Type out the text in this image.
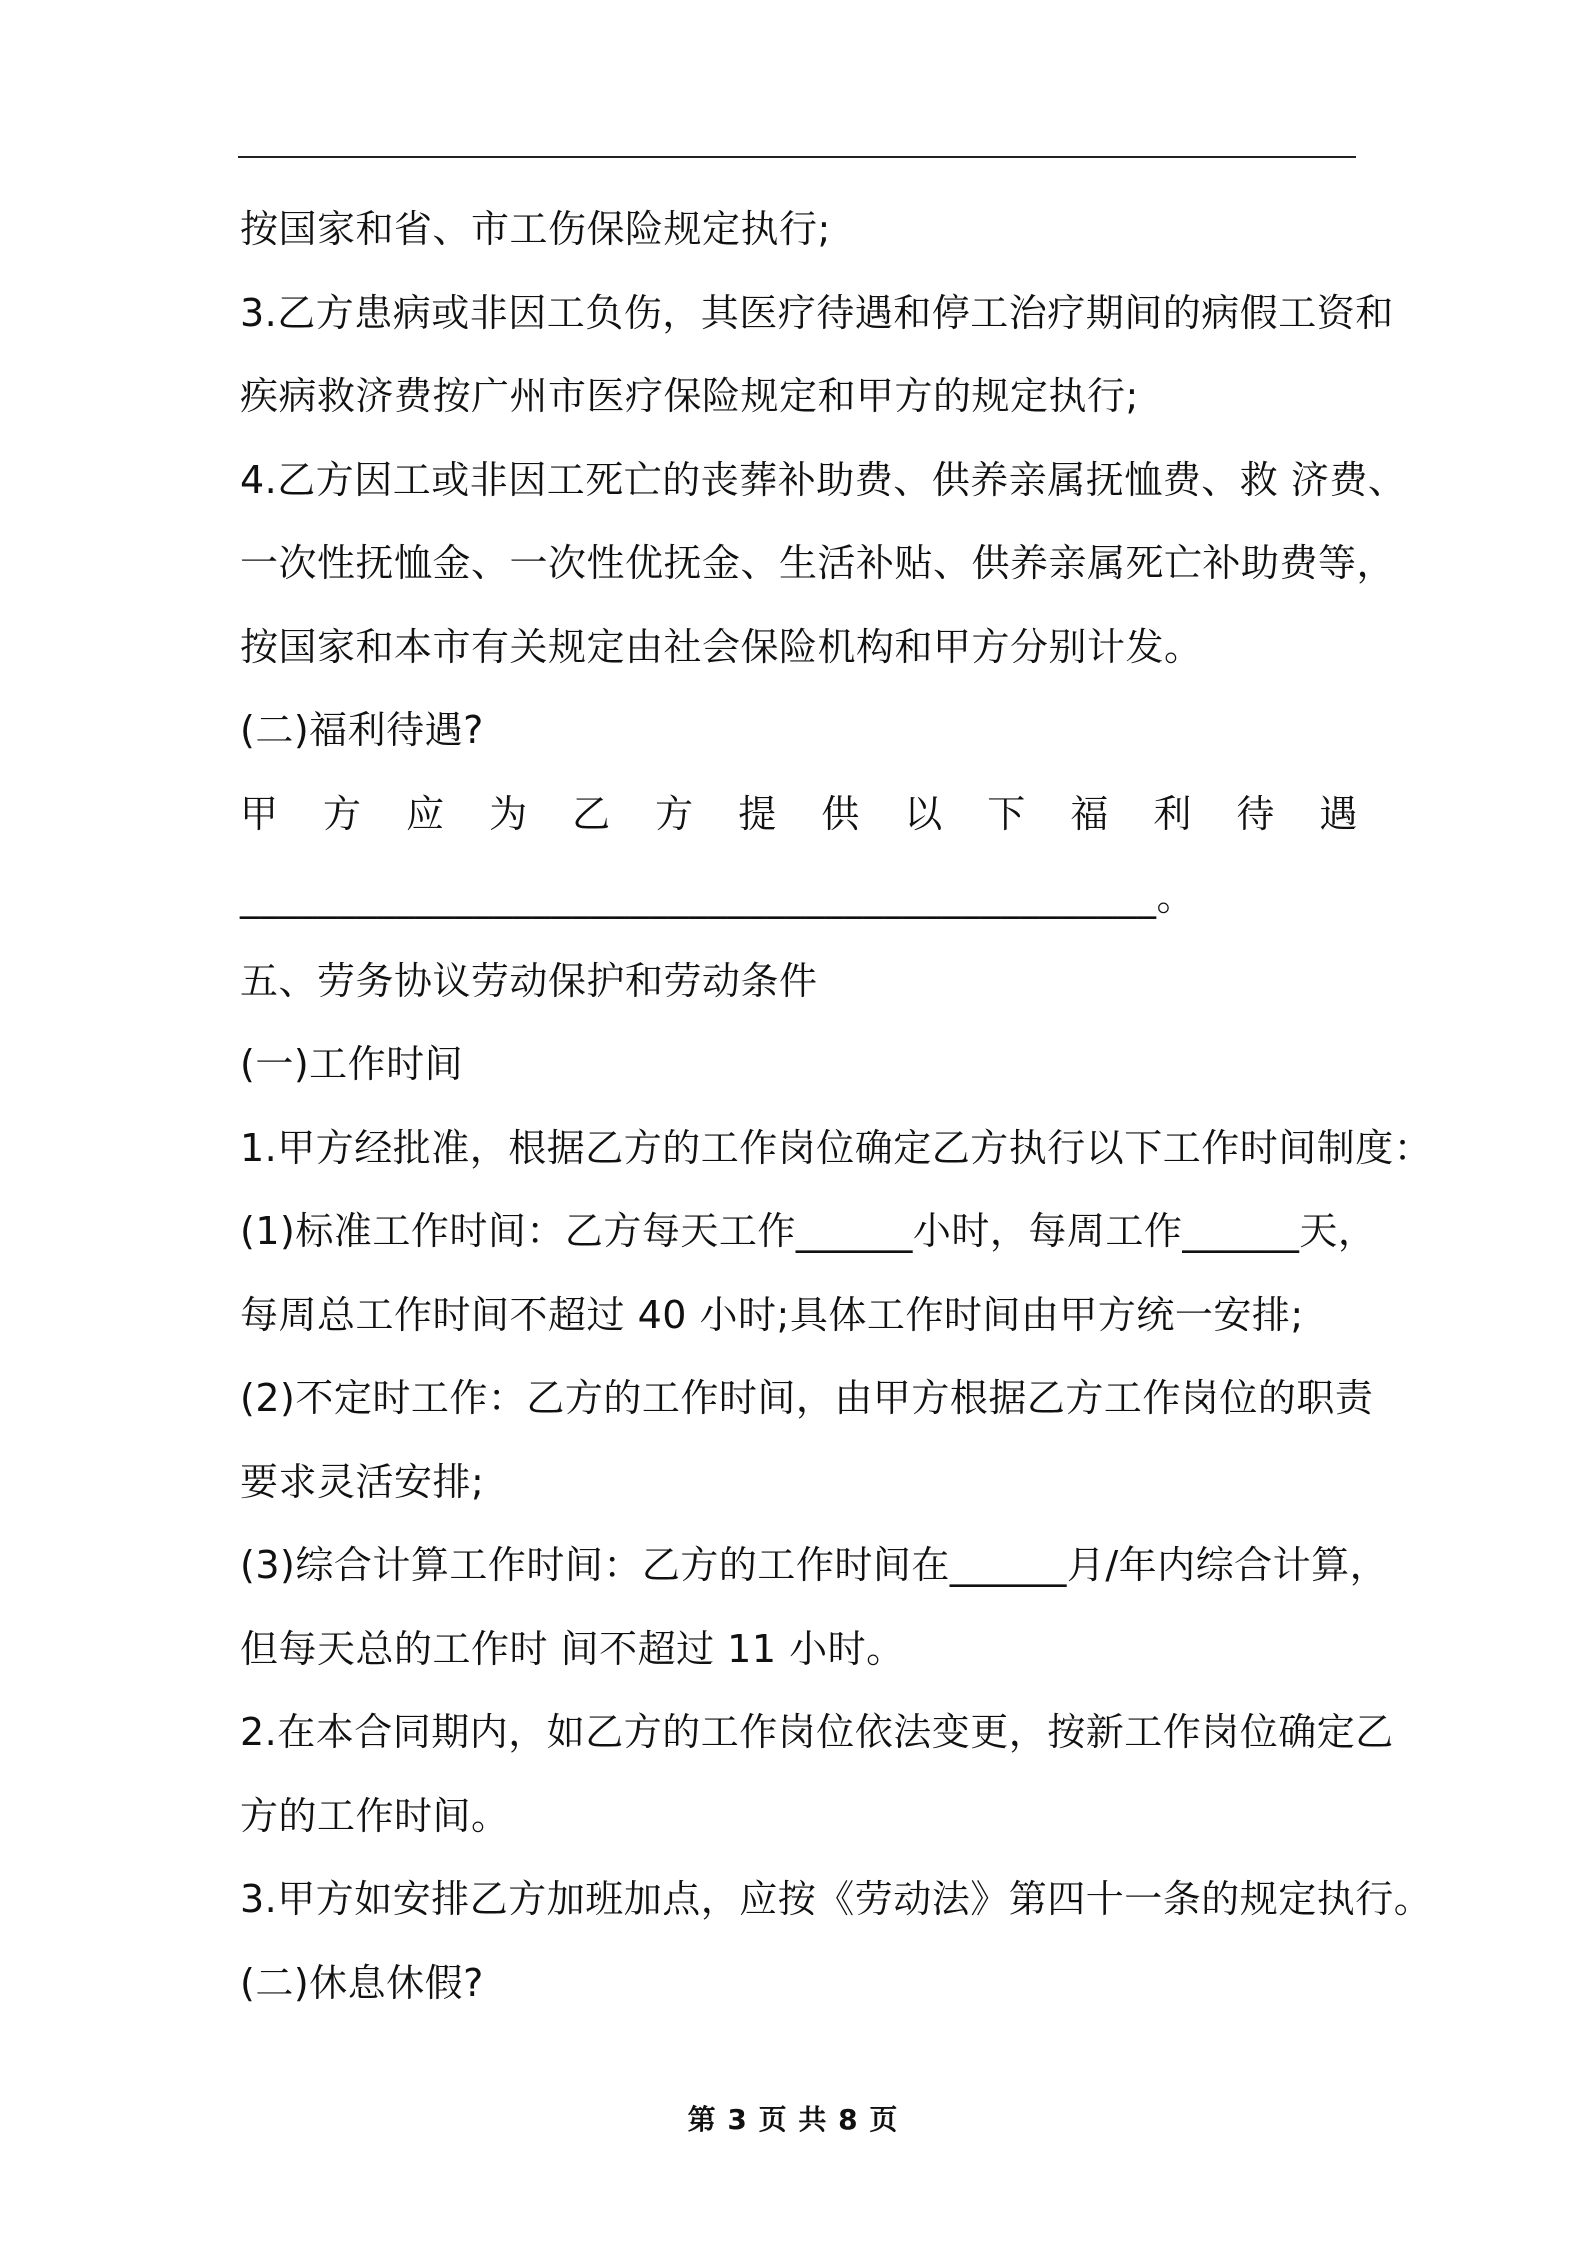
按国家和省、市工伤保险规定执行;
3.乙方患病或非因工负伤，其医疗待遇和停工治疗期间的病假工资和
疾病救济费按广州市医疗保险规定和甲方的规定执行;
4.乙方因工或非因工死亡的丧葬补助费、供养亲属抚恤费、救 济费、
一次性抚恤金、一次性优抚金、生活补贴、供养亲属死亡补助费等，
按国家和本市有关规定由社会保险机构和甲方分别计发。
(二)福利待遇?
甲 方 应 为 乙 方 提 供 以 下 福 利 待 遇
_______________________________________________。
五、劳务协议劳动保护和劳动条件
(一)工作时间
1.甲方经批准，根据乙方的工作岗位确定乙方执行以下工作时间制度：
(1)标准工作时间：乙方每天工作______小时，每周工作______天，
每周总工作时间不超过 40 小时;具体工作时间由甲方统一安排;
(2)不定时工作：乙方的工作时间，由甲方根据乙方工作岗位的职责
要求灵活安排;
(3)综合计算工作时间：乙方的工作时间在______月/年内综合计算，
但每天总的工作时 间不超过 11 小时。
2.在本合同期内，如乙方的工作岗位依法变更，按新工作岗位确定乙
方的工作时间。
3.甲方如安排乙方加班加点，应按《劳动法》第四十一条的规定执行。
(二)休息休假?
第 3 页 共 8 页
